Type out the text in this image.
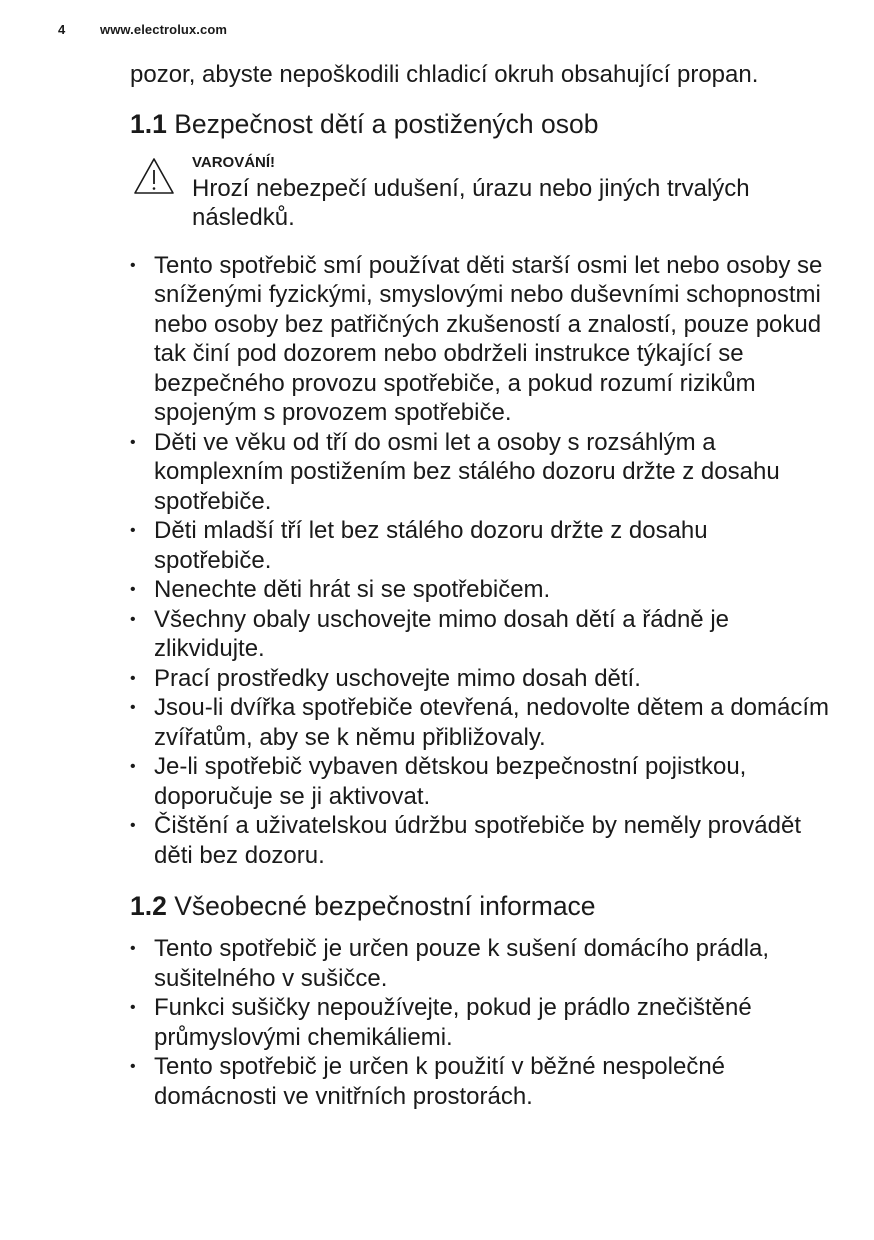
4	www.electrolux.com

pozor, abyste nepoškodili chladicí okruh obsahující propan.

1.1 Bezpečnost dětí a postižených osob
VAROVÁNÍ!

Hrozí nebezpečí udušení, úrazu nebo jiných trvalých následků.

• Tento spotřebič smí používat děti starší osmi let nebo osoby se sníženými fyzickými, smyslovými nebo duševními schopnostmi nebo osoby bez patřičných zkušeností a znalostí, pouze pokud tak činí pod dozorem nebo obdrželi instrukce týkající se bezpečného provozu spotřebiče, a pokud rozumí rizikům spojeným s provozem spotřebiče.
• Děti ve věku od tří do osmi let a osoby s rozsáhlým a komplexním postižením bez stálého dozoru držte z dosahu spotřebiče.
• Děti mladší tří let bez stálého dozoru držte z dosahu spotřebiče.
• Nenechte děti hrát si se spotřebičem.
• Všechny obaly uschovejte mimo dosah dětí a řádně je zlikvidujte.
• Prací prostředky uschovejte mimo dosah dětí.
• Jsou-li dvířka spotřebiče otevřená, nedovolte dětem a domácím zvířatům, aby se k němu přibližovaly.
• Je-li spotřebič vybaven dětskou bezpečnostní pojistkou, doporučuje se ji aktivovat.
• Čištění a uživatelskou údržbu spotřebiče by neměly provádět děti bez dozoru.
1.2 Všeobecné bezpečnostní informace
• Tento spotřebič je určen pouze k sušení domácího prádla, sušitelného v sušičce.
• Funkci sušičky nepoužívejte, pokud je prádlo znečištěné průmyslovými chemikáliemi.
• Tento spotřebič je určen k použití v běžné nespolečné domácnosti ve vnitřních prostorách.
